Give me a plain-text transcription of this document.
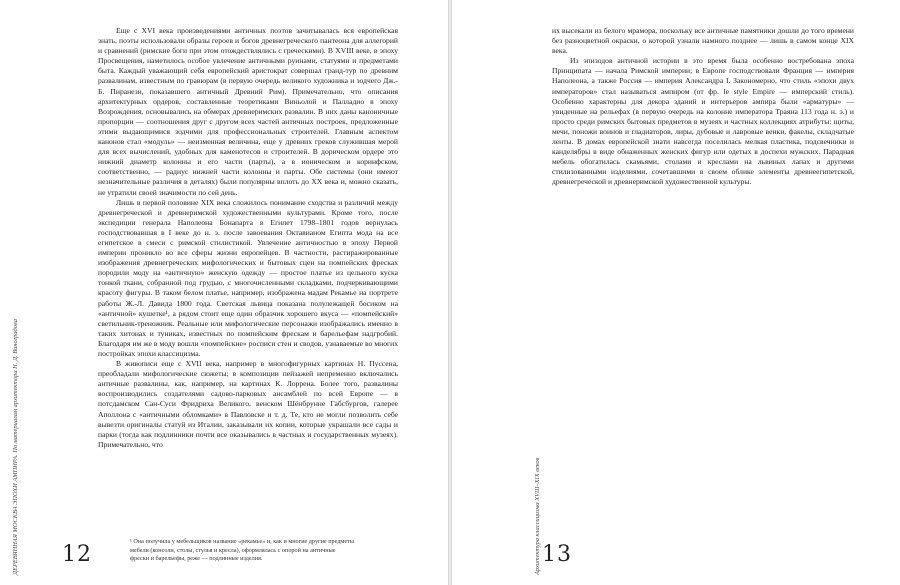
ДЕРЕВЯННАЯ МОСКВА ЭПОХИ АМПИРА. По материалам архитектора Н. Д. Виноградова

Еще с XVI века произведениями античных поэтов зачитывалась вся европейская знать, поэты использовали образы героев и богов древнегреческого пантеона для аллегорий и сравнений (римские боги при этом отождествлялись с греческими). В XVIII веке, в эпоху Просвещения, наметилось особое увлечение античными руинами, статуями и предметами быта. Каждый уважающий себя европейский аристократ совершал гранд-тур по древним развалинам, известным по гравюрам (в первую очередь великого художника и зодчего Дж.-Б. Пиранези, показавшего античный Древний Рим). Примечательно, что описания архитектурных ордеров, составленные теоретиками Виньолой и Палладио в эпоху Возрождения, основывались на обмерах древнеримских развалин. В них даны каноничные пропорции — соотношения друг с другом всех частей античных построек, предложенные этими выдающимися зодчими для профессиональных строителей. Главным аспектом канонов стал «модуль» — неизменная величина, еще у древних греков служившая мерой для всех вычислений, удобных для каменотесов и строителей. В дорическом ордере это нижний диаметр колонны и его части (парты), а в ионическом и коринфском, соответственно, — радиус нижней части колонны и парты. Обе системы (они имеют незначительные различия в деталях) были популярны вплоть до XX века и, можно сказать, не утратили своей значимости по сей день.

Лишь в первой половине XIX века сложилось понимание сходства и различий между древнегреческой и древнеримской художественными культурами. Кроме того, после экспедиции генерала Наполеона Бонапарта в Египет 1798–1801 годов вернулась господствовавшая в I веке до н. э. после завоевания Октавианом Египта мода на все египетское в смеси с римской стилистикой. Увлечение античностью в эпоху Первой империи проникло во все сферы жизни европейцев. В частности, растиражированные изображения древнегреческих мифологических и бытовых сцен на помпейских фресках породили моду на «античную» женскую одежду — простое платье из цельного куска тонкой ткани, собранной под грудью, с многочисленными складками, подчеркивающими красоту фигуры. В таком белом платье, например, изображена мадам Рекамье на портрете работы Ж.-Л. Давида 1800 года. Светская львица показана полулежащей босиком на «античной» кушетке¹, а рядом стоит еще один образчик хорошего вкуса — «помпейский» светильник-треножник. Реальные или мифологические персонажи изображались именно в таких хитонах и туниках, известных по помпейским фрескам и барельефам надгробий. Благодаря им же в моду вошли «помпейские» росписи стен и сводов, узнаваемые во многих постройках эпохи классицизма.

В живописи еще с XVII века, например в многофигурных картинах Н. Пуссена, преобладали мифологические сюжеты; в композиции пейзажей непременно включались античные развалины, как, например, на картинах К. Лоррена. Более того, развалины воспроизводились создателями садово-парковых ансамблей по всей Европе — в потсдамском Сан-Суси Фридриха Великого, венском Шёнбрунне Габсбургов, галерее Аполлона с «античными обломками» в Павловске и т. д. Те, кто не могли позволить себе вывезти оригиналы статуй из Италии, заказывали их копии, которые украшали все сады и парки (тогда как подлинники почти все оказывались в частных и государственных музеях). Примечательно, что

¹ Она получила у мебельщиков название «рекамье» и, как и многие другие предметы мебели (консоли, столы, стулья и кресла), оформлялась с опорой на античные фрески и барельефы, реже — подлинные изделия.
12	Архитектура классицизма XVIII–XIX веков

их высекали из белого мрамора, поскольку все античные памятники дошли до того времени без разноцветной окраски, о которой узнали намного позднее — лишь в самом конце XIX века.

Из эпизодов античной истории в это время была особенно востребована эпоха Принципата — начала Римской империи; в Европе господствовали Франция — империя Наполеона, а также Россия — империя Александра I. Закономерно, что стиль «эпохи двух императоров» стал называться ампиром (от фр. le style Empire — имперский стиль). Особенно характерны для декора зданий и интерьеров ампира были «арматуры» — увиденные на рельефах (в первую очередь на колонне императора Траяна 113 года н. э.) и просто среди римских бытовых предметов в музеях и частных коллекциях атрибуты: щиты, мечи, поножи воинов и гладиаторов, лиры, дубовые и лавровые венки, факелы, складчатые ленты. В домах европейской знати навсегда поселилась мелкая пластика, подсвечники и канделябры в виде обнаженных женских фигур или одетых в доспехи мужских. Парадная мебель обогатилась скамьями, столами и креслами на львиных лапах и другими стилизованными изделиями, сочетавшими в своем облике элементы древнеегипетской, древнегреческой и древнеримской художественной культуры.

13
